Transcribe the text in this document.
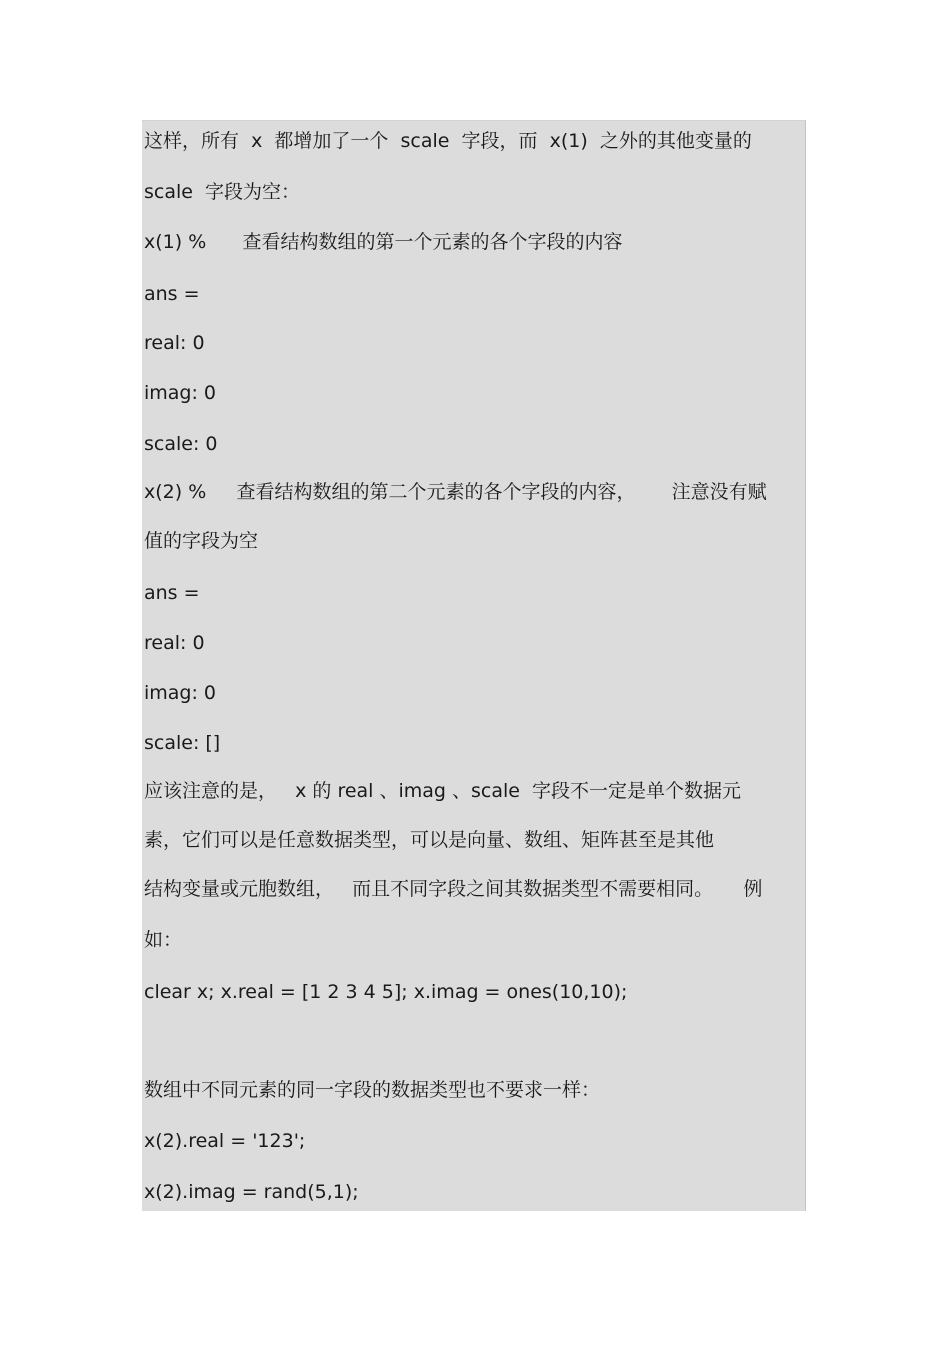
这样，所有  x  都增加了一个  scale  字段，而  x(1)  之外的其他变量的
scale  字段为空：
x(1) %      查看结构数组的第一个元素的各个字段的内容
ans =
real: 0
imag: 0
scale: 0
x(2) %     查看结构数组的第二个元素的各个字段的内容，      注意没有赋
值的字段为空
ans =
real: 0
imag: 0
scale: []
应该注意的是，   x 的 real 、imag 、scale  字段不一定是单个数据元
素，它们可以是任意数据类型，可以是向量、数组、矩阵甚至是其他
结构变量或元胞数组，   而且不同字段之间其数据类型不需要相同。     例
如：
clear x; x.real = [1 2 3 4 5]; x.imag = ones(10,10);
数组中不同元素的同一字段的数据类型也不要求一样：
x(2).real = '123';
x(2).imag = rand(5,1);
